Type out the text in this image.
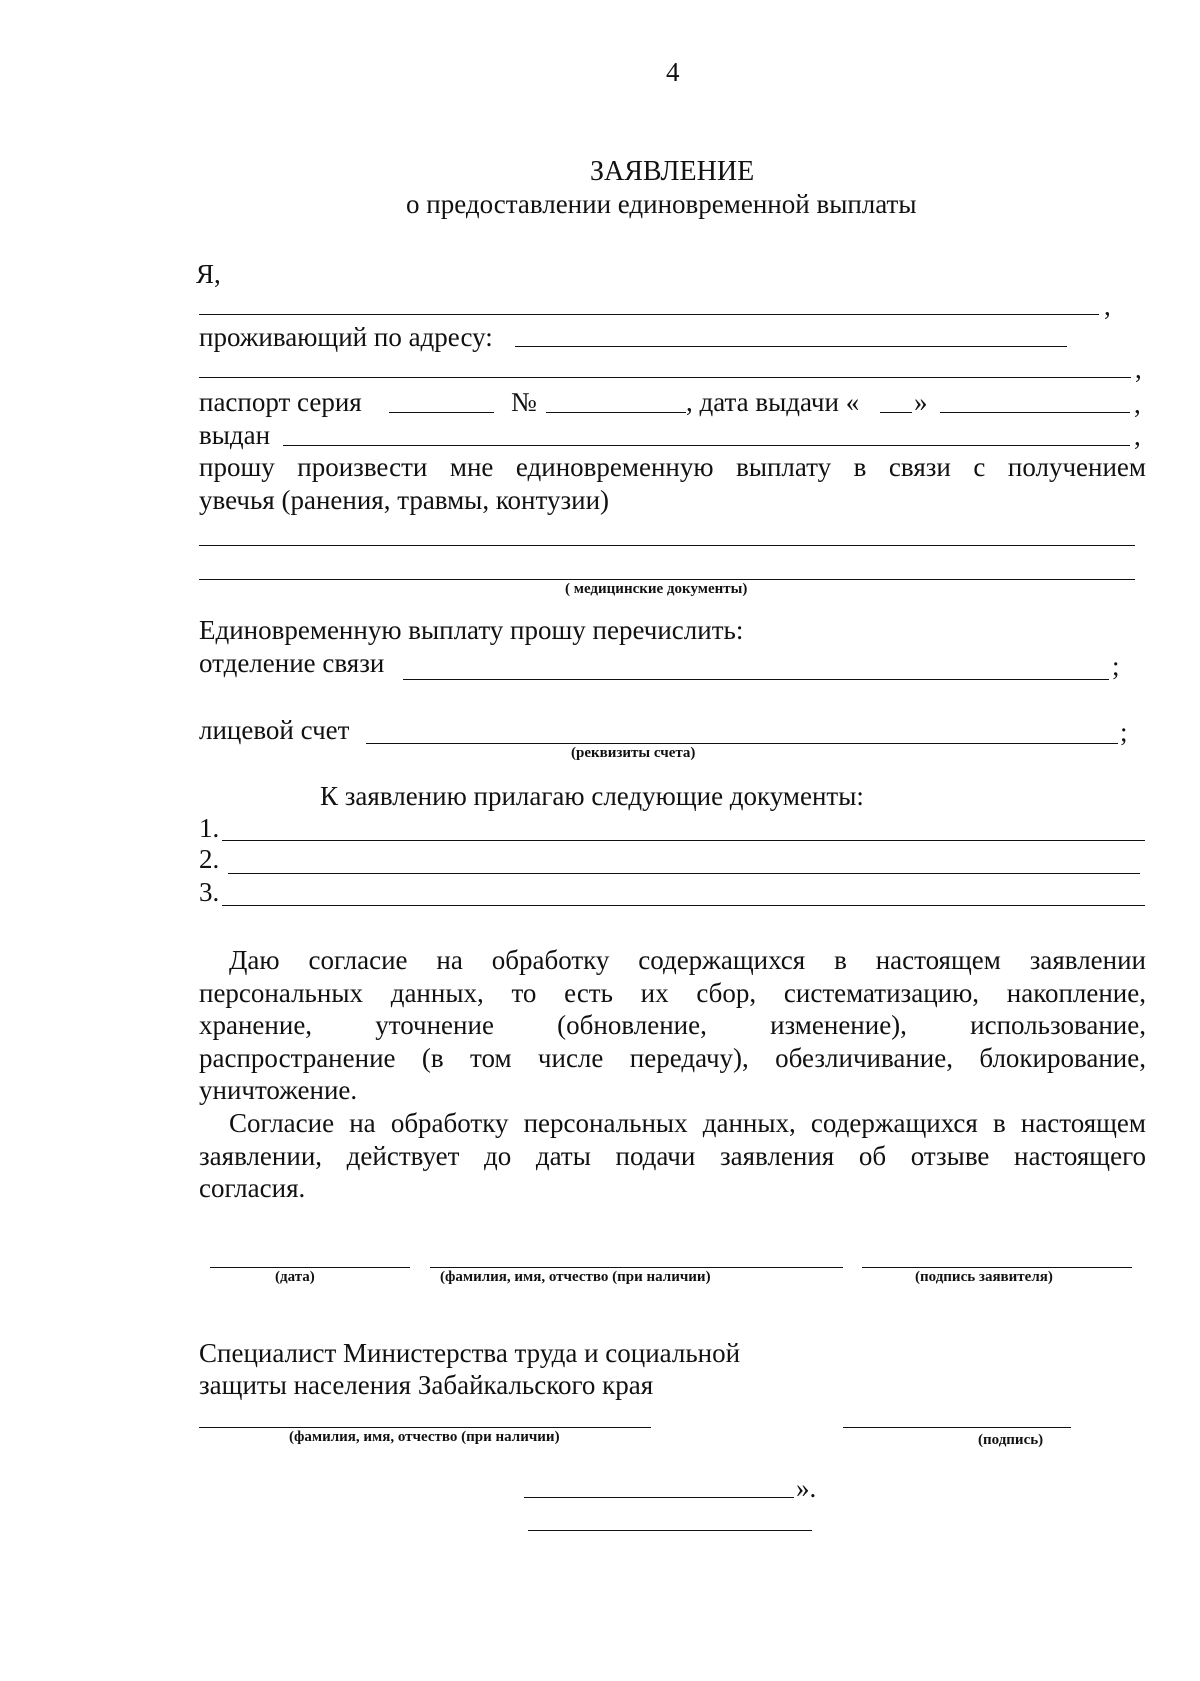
4
ЗАЯВЛЕНИЕ
о предоставлении единовременной выплаты
Я,
,
проживающий по адресу:
,
паспорт серия	№	, дата выдачи « »	,
выдан	,
прошу произвести мне единовременную выплату в связи с получением
увечья (ранения, травмы, контузии)
( медицинские документы)
Единовременную выплату прошу перечислить:
отделение связи	;
лицевой счет	;
(реквизиты счета)
К заявлению прилагаю следующие документы:
1.
2.
3.
Даю согласие на обработку содержащихся в настоящем заявлении
персональных данных, то есть их сбор, систематизацию, накопление,
хранение, уточнение (обновление, изменение), использование,
распространение (в том числе передачу), обезличивание, блокирование,
уничтожение.
Согласие на обработку персональных данных, содержащихся в настоящем
заявлении, действует до даты подачи заявления об отзыве настоящего
согласия.
(дата)	(фамилия, имя, отчество (при наличии)	(подпись заявителя)
Специалист Министерства труда и социальной
защиты населения Забайкальского края
(фамилия, имя, отчество (при наличии)	(подпись)
».
